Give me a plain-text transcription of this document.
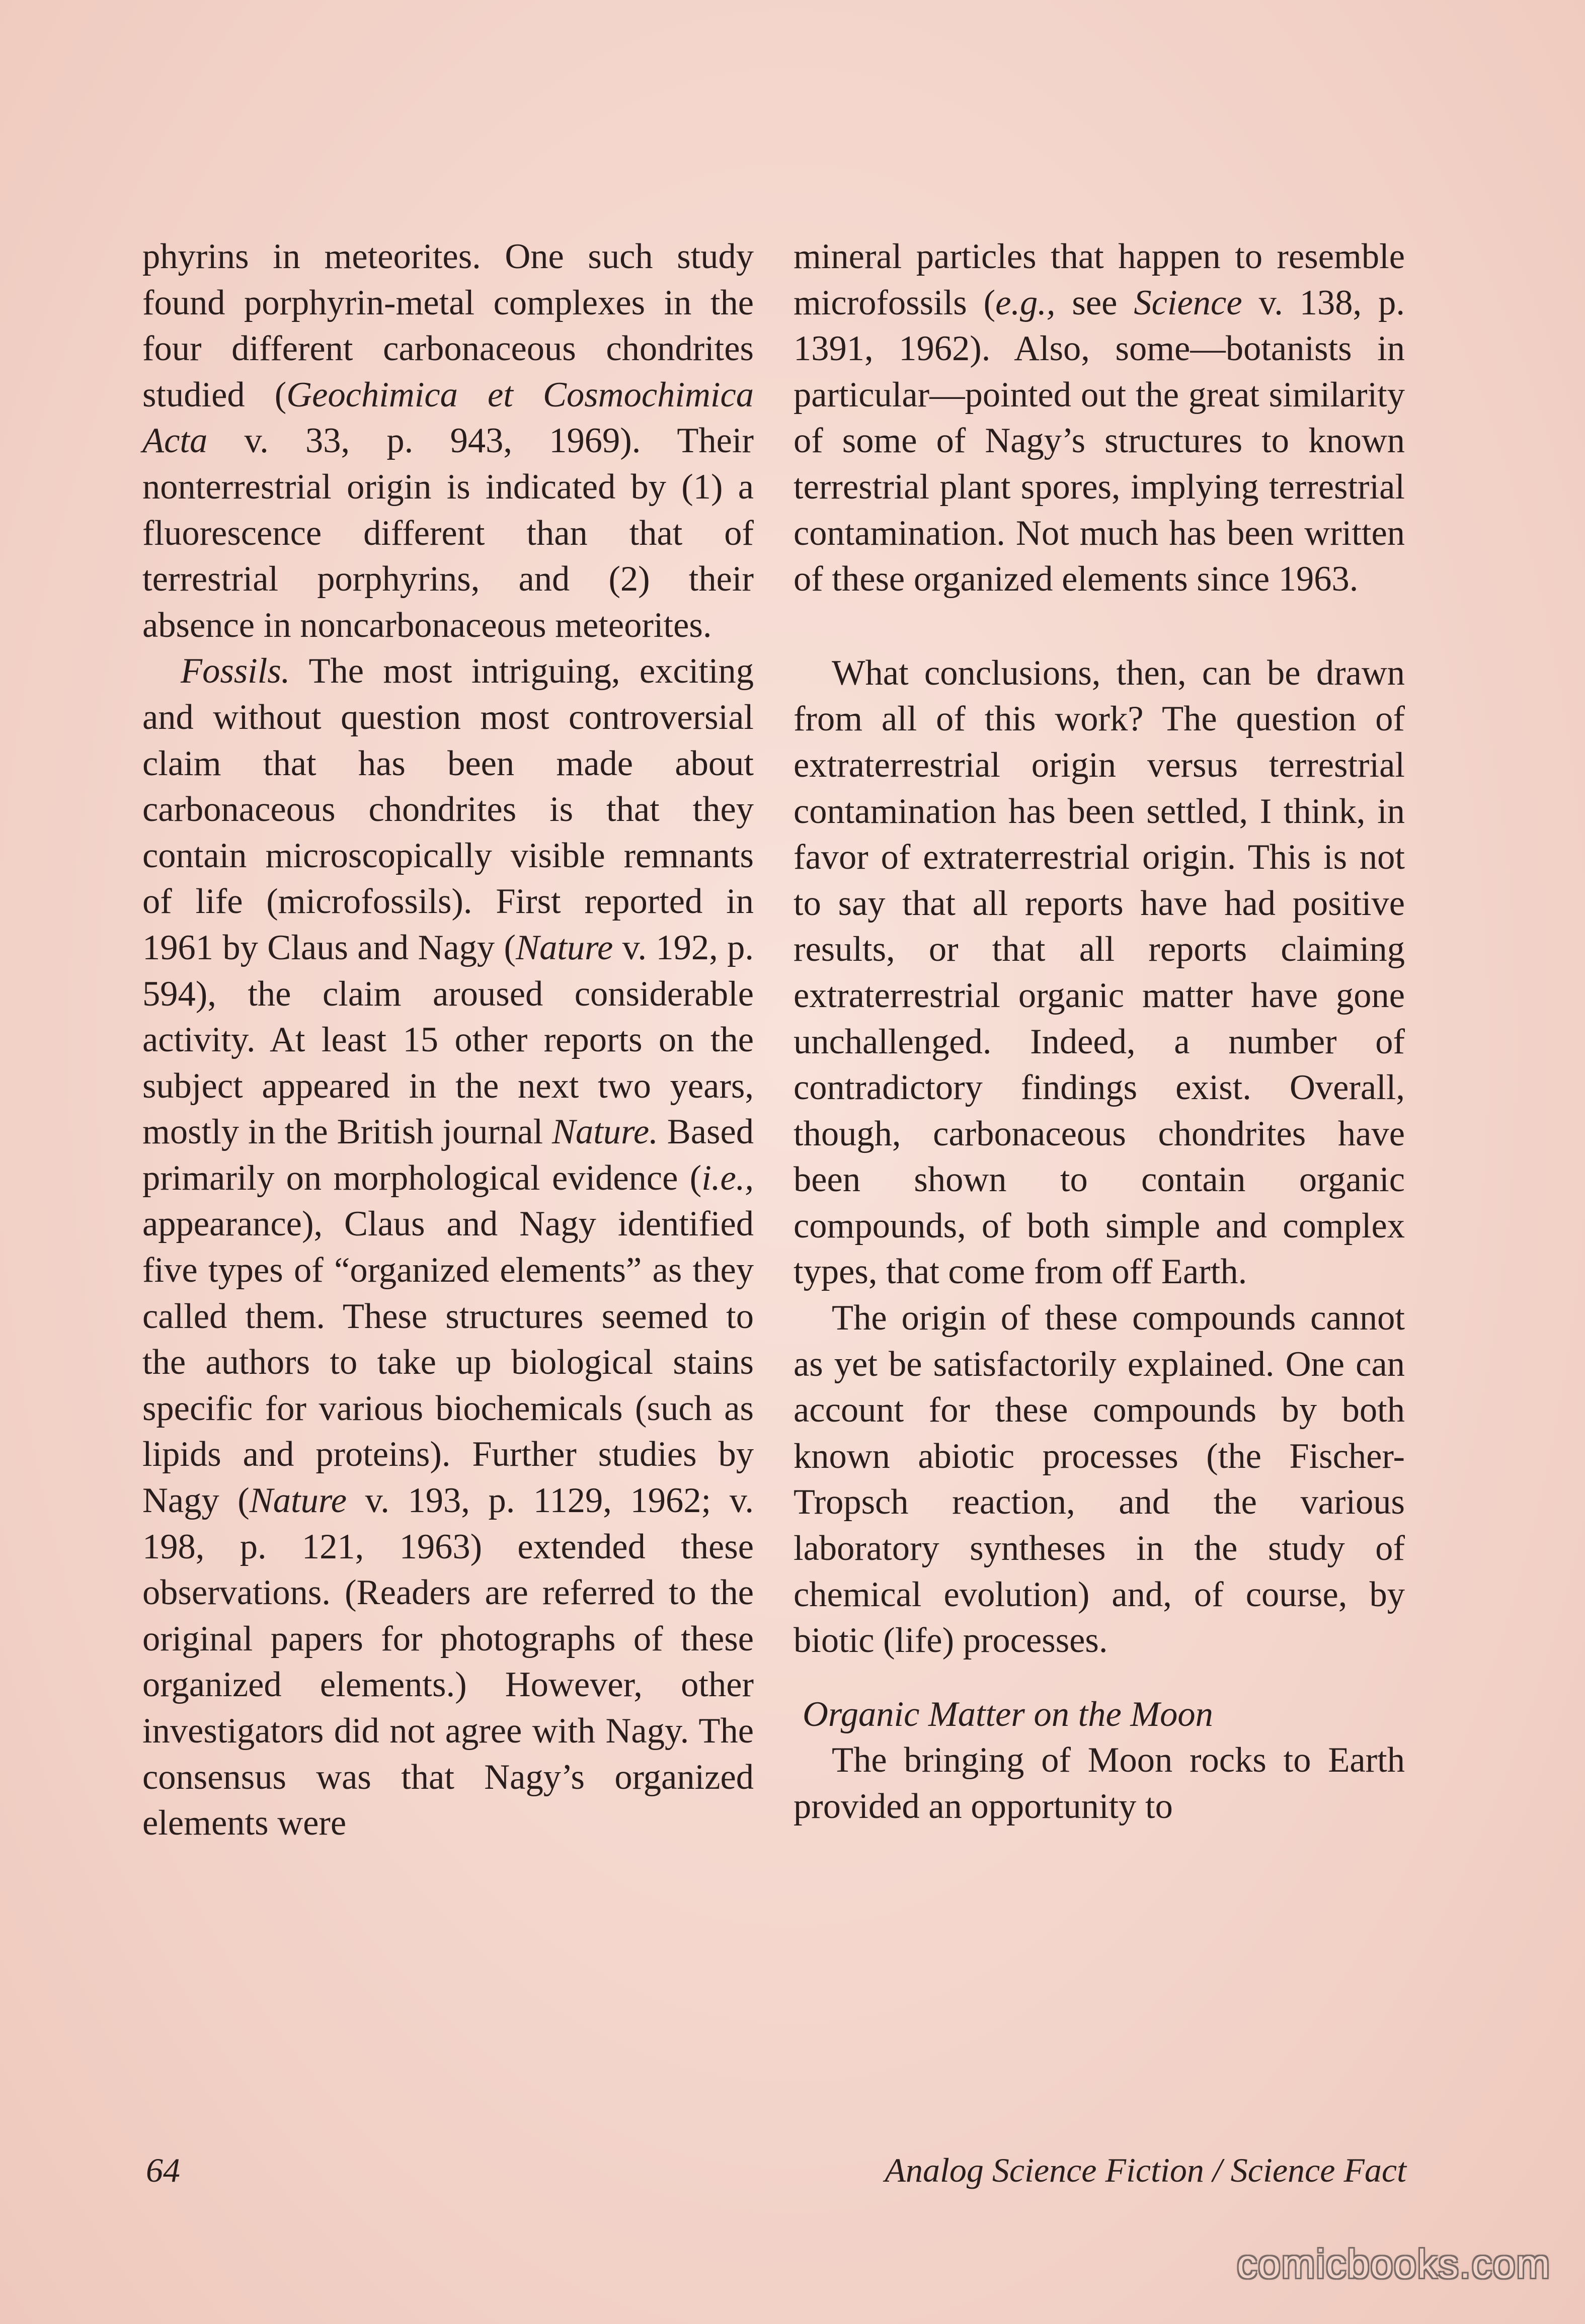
phyrins in meteorites. One such study found porphyrin-metal complexes in the four different carbonaceous chondrites studied (Geochimica et Cosmochimica Acta v. 33, p. 943, 1969). Their nonterrestrial origin is indicated by (1) a fluorescence different than that of terrestrial porphyrins, and (2) their absence in noncarbonaceous meteorites.

Fossils. The most intriguing, exciting and without question most controversial claim that has been made about carbonaceous chondrites is that they contain microscopically visible remnants of life (microfossils). First reported in 1961 by Claus and Nagy (Nature v. 192, p. 594), the claim aroused considerable activity. At least 15 other reports on the subject appeared in the next two years, mostly in the British journal Nature. Based primarily on morphological evidence (i.e., appearance), Claus and Nagy identified five types of “organized elements” as they called them. These structures seemed to the authors to take up biological stains specific for various biochemicals (such as lipids and proteins). Further studies by Nagy (Nature v. 193, p. 1129, 1962; v. 198, p. 121, 1963) extended these observations. (Readers are referred to the original papers for photographs of these organized elements.) However, other investigators did not agree with Nagy. The consensus was that Nagy’s organized elements were

mineral particles that happen to resemble microfossils (e.g., see Science v. 138, p. 1391, 1962). Also, some—botanists in particular—pointed out the great similarity of some of Nagy’s structures to known terrestrial plant spores, implying terrestrial contamination. Not much has been written of these organized elements since 1963.

What conclusions, then, can be drawn from all of this work? The question of extraterrestrial origin versus terrestrial contamination has been settled, I think, in favor of extraterrestrial origin. This is not to say that all reports have had positive results, or that all reports claiming extraterrestrial organic matter have gone unchallenged. Indeed, a number of contradictory findings exist. Overall, though, carbonaceous chondrites have been shown to contain organic compounds, of both simple and complex types, that come from off Earth.

The origin of these compounds cannot as yet be satisfactorily explained. One can account for these compounds by both known abiotic processes (the Fischer-Tropsch reaction, and the various laboratory syntheses in the study of chemical evolution) and, of course, by biotic (life) processes.

Organic Matter on the Moon

The bringing of Moon rocks to Earth provided an opportunity to

64	Analog Science Fiction / Science Fact
comicbooks.com
